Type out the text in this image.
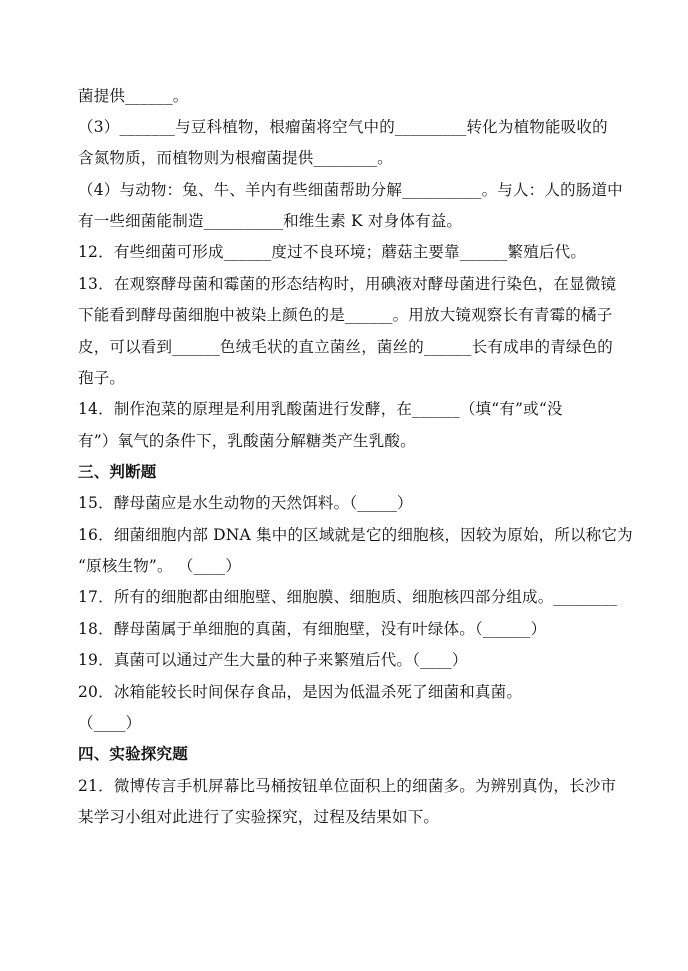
菌提供______。
（3）_______与豆科植物，根瘤菌将空气中的_________转化为植物能吸收的
含氮物质，而植物则为根瘤菌提供________。
（4）与动物：兔、牛、羊内有些细菌帮助分解__________。与人：人的肠道中
有一些细菌能制造__________和维生素 K 对身体有益。
12．有些细菌可形成______度过不良环境；蘑菇主要靠______繁殖后代。
13．在观察酵母菌和霉菌的形态结构时，用碘液对酵母菌进行染色，在显微镜
下能看到酵母菌细胞中被染上颜色的是______。用放大镜观察长有青霉的橘子
皮，可以看到______色绒毛状的直立菌丝，菌丝的______长有成串的青绿色的
孢子。
14．制作泡菜的原理是利用乳酸菌进行发酵，在______（填“有”或“没
有”）氧气的条件下，乳酸菌分解糖类产生乳酸。
三、判断题
15．酵母菌应是水生动物的天然饵料。（_____）
16．细菌细胞内部 DNA 集中的区域就是它的细胞核，因较为原始，所以称它为
“原核生物”。 （____）
17．所有的细胞都由细胞壁、细胞膜、细胞质、细胞核四部分组成。________
18．酵母菌属于单细胞的真菌，有细胞壁，没有叶绿体。（______）
19．真菌可以通过产生大量的种子来繁殖后代。（____）
20．冰箱能较长时间保存食品，是因为低温杀死了细菌和真菌。
（____）
四、实验探究题
21．微博传言手机屏幕比马桶按钮单位面积上的细菌多。为辨别真伪，长沙市
某学习小组对此进行了实验探究，过程及结果如下。
